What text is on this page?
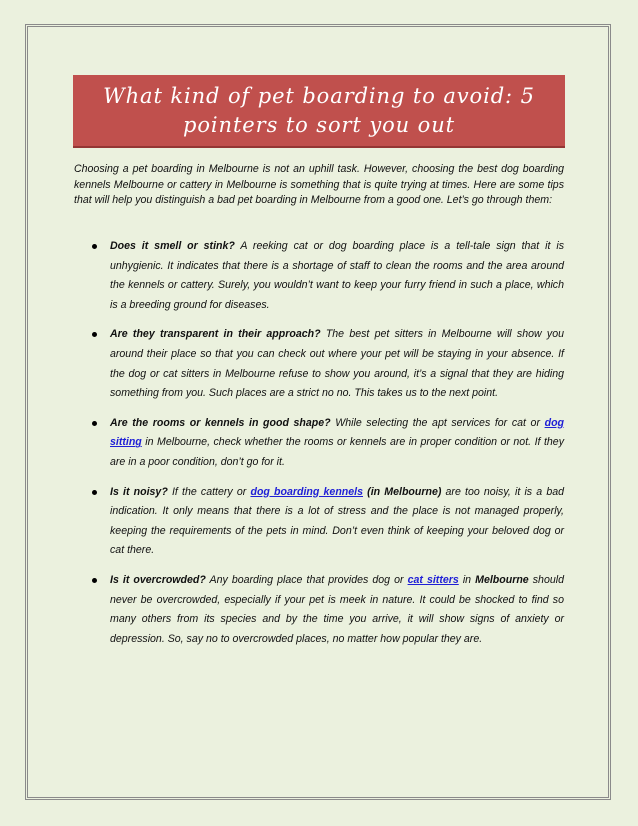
What kind of pet boarding to avoid: 5 pointers to sort you out

Choosing a pet boarding in Melbourne is not an uphill task. However, choosing the best dog boarding kennels Melbourne or cattery in Melbourne is something that is quite trying at times. Here are some tips that will help you distinguish a bad pet boarding in Melbourne from a good one. Let’s go through them:

Does it smell or stink? A reeking cat or dog boarding place is a tell-tale sign that it is unhygienic. It indicates that there is a shortage of staff to clean the rooms and the area around the kennels or cattery. Surely, you wouldn’t want to keep your furry friend in such a place, which is a breeding ground for diseases.
Are they transparent in their approach? The best pet sitters in Melbourne will show you around their place so that you can check out where your pet will be staying in your absence. If the dog or cat sitters in Melbourne refuse to show you around, it’s a signal that they are hiding something from you. Such places are a strict no no. This takes us to the next point.
Are the rooms or kennels in good shape? While selecting the apt services for cat or dog sitting in Melbourne, check whether the rooms or kennels are in proper condition or not. If they are in a poor condition, don’t go for it.
Is it noisy? If the cattery or dog boarding kennels (in Melbourne) are too noisy, it is a bad indication. It only means that there is a lot of stress and the place is not managed properly, keeping the requirements of the pets in mind. Don’t even think of keeping your beloved dog or cat there.
Is it overcrowded? Any boarding place that provides dog or cat sitters in Melbourne should never be overcrowded, especially if your pet is meek in nature. It could be shocked to find so many others from its species and by the time you arrive, it will show signs of anxiety or depression. So, say no to overcrowded places, no matter how popular they are.
